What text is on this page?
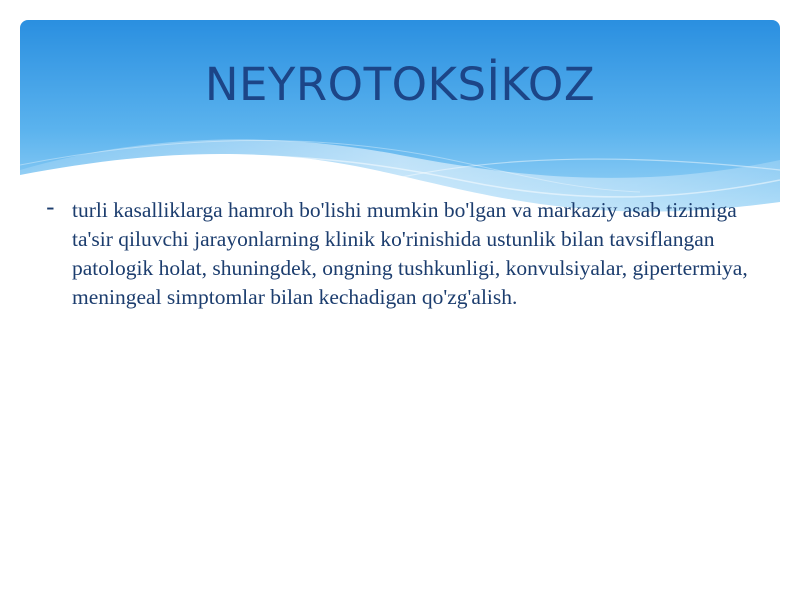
NEYROTOKSİKOZ

- turli kasalliklarga hamroh bo'lishi mumkin bo'lgan va markaziy asab tizimiga ta'sir qiluvchi jarayonlarning klinik ko'rinishida ustunlik bilan tavsiflangan patologik holat, shuningdek, ongning tushkunligi, konvulsiyalar, gipertermiya, meningeal simptomlar bilan kechadigan qo'zg'alish.
